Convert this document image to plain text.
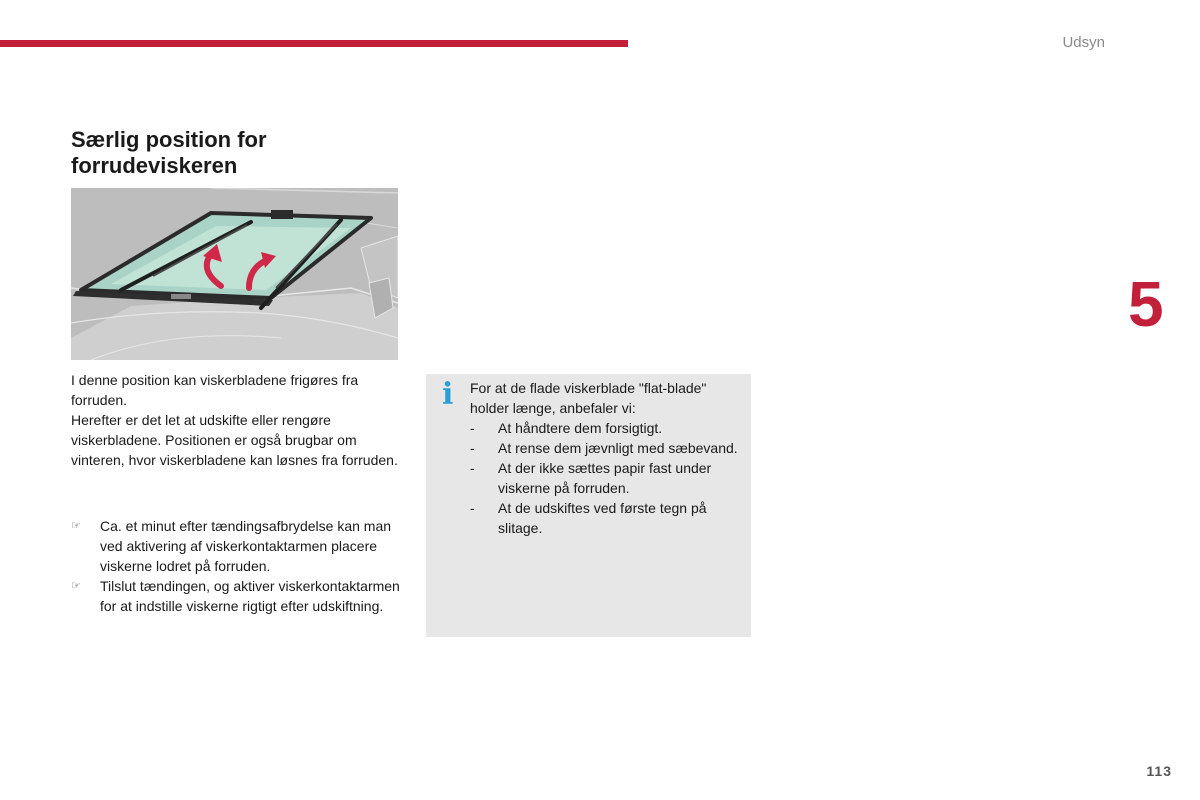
Udsyn
5
Særlig position for
forrudeviskeren

I denne position kan viskerbladene frigøres fra forruden.

Herefter er det let at udskifte eller rengøre viskerbladene. Positionen er også brugbar om vinteren, hvor viskerbladene kan løsnes fra forruden.

☞ Ca. et minut efter tændingsafbrydelse kan man ved aktivering af viskerkontaktarmen placere viskerne lodret på forruden.
☞ Tilslut tændingen, og aktiver viskerkontaktarmen for at indstille viskerne rigtigt efter udskiftning.
i For at de flade viskerblade "flat-blade" holder længe, anbefaler vi:

- At håndtere dem forsigtigt.
- At rense dem jævnligt med sæbevand.
- At der ikke sættes papir fast under viskerne på forruden.
- At de udskiftes ved første tegn på slitage.
113
